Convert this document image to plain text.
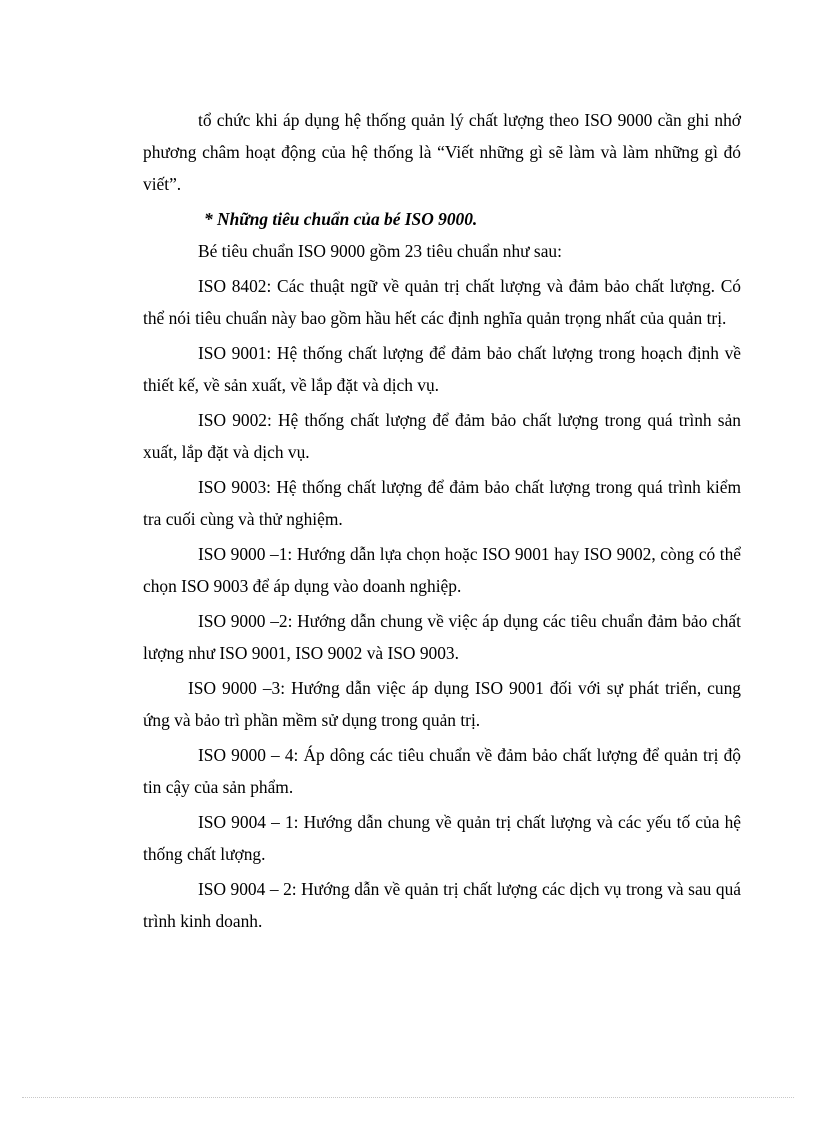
tổ chức khi áp dụng hệ thống quản lý chất lượng theo ISO 9000 cần ghi nhớ phương châm hoạt động của hệ thống là “Viết những gì sẽ làm và làm những gì đó viết”.

* Những tiêu chuẩn của bé ISO 9000.

Bé tiêu chuẩn ISO 9000 gồm 23 tiêu chuẩn như sau:

ISO 8402: Các thuật ngữ về quản trị chất lượng và đảm bảo chất lượng. Có thể nói tiêu chuẩn này bao gồm hầu hết các định nghĩa quản trọng nhất của quản trị.

ISO 9001: Hệ thống chất lượng để đảm bảo chất lượng trong hoạch định về thiết kế, về sản xuất, về lắp đặt và dịch vụ.

ISO 9002: Hệ thống chất lượng để đảm bảo chất lượng trong quá trình sản xuất, lắp đặt và dịch vụ.

ISO 9003: Hệ thống chất lượng để đảm bảo chất lượng trong quá trình kiểm tra cuối cùng và thử nghiệm.

ISO 9000 –1: Hướng dẫn lựa chọn hoặc ISO 9001 hay ISO 9002, còng có thể chọn ISO 9003 để áp dụng vào doanh nghiệp.

ISO 9000 –2: Hướng dẫn chung về việc áp dụng các tiêu chuẩn đảm bảo chất lượng như ISO 9001, ISO 9002 và ISO 9003.

ISO 9000 –3: Hướng dẫn việc áp dụng ISO 9001 đối với sự phát triển, cung ứng và bảo trì phần mềm sử dụng trong quản trị.

ISO 9000 – 4: Áp dông các tiêu chuẩn về đảm bảo chất lượng để quản trị độ tin cậy của sản phẩm.

ISO 9004 – 1: Hướng dẫn chung về quản trị chất lượng và các yếu tố của hệ thống chất lượng.

ISO 9004 – 2: Hướng dẫn về quản trị chất lượng các dịch vụ trong và sau quá trình kinh doanh.
